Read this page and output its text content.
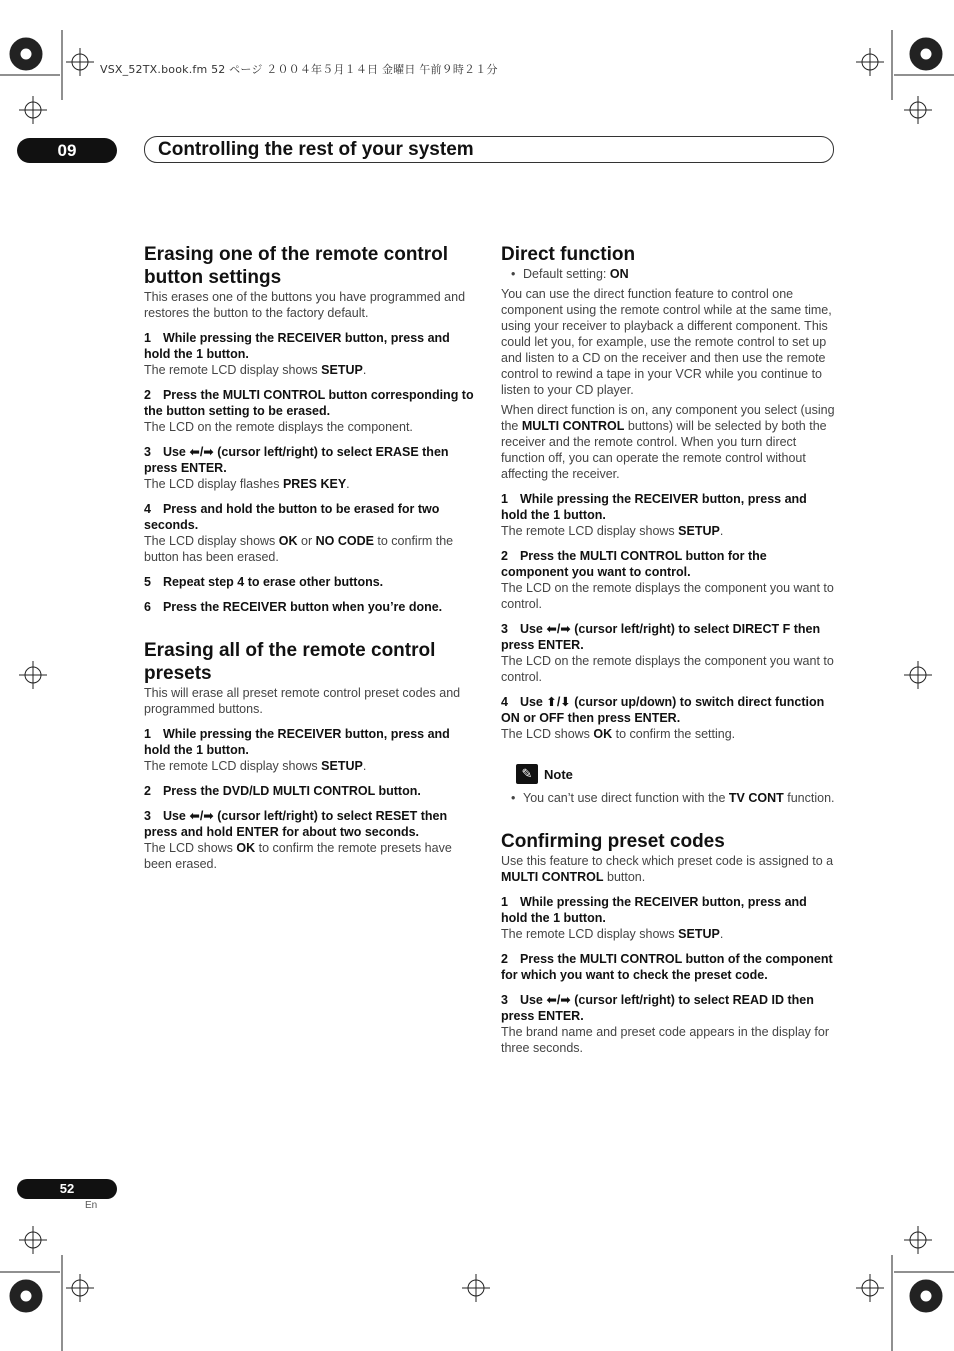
VSX_52TX.book.fm 52 ページ ２００４年５月１４日 金曜日 午前９時２１分
09	Controlling the rest of your system
Erasing one of the remote control button settings

This erases one of the buttons you have programmed and restores the button to the factory default.

1 While pressing the RECEIVER button, press and hold the 1 button.

The remote LCD display shows SETUP.

2 Press the MULTI CONTROL button corresponding to the button setting to be erased.

The LCD on the remote displays the component.

3 Use ⬅/➡ (cursor left/right) to select ERASE then press ENTER.

The LCD display flashes PRES KEY.

4 Press and hold the button to be erased for two seconds.

The LCD display shows OK or NO CODE to confirm the button has been erased.

5 Repeat step 4 to erase other buttons.

6 Press the RECEIVER button when you’re done.

Erasing all of the remote control presets

This will erase all preset remote control preset codes and programmed buttons.

1 While pressing the RECEIVER button, press and hold the 1 button.

The remote LCD display shows SETUP.

2 Press the DVD/LD MULTI CONTROL button.

3 Use ⬅/➡ (cursor left/right) to select RESET then press and hold ENTER for about two seconds.

The LCD shows OK to confirm the remote presets have been erased.

Direct function

• Default setting: ON

You can use the direct function feature to control one component using the remote control while at the same time, using your receiver to playback a different component. This could let you, for example, use the remote control to set up and listen to a CD on the receiver and then use the remote control to rewind a tape in your VCR while you continue to listen to your CD player.

When direct function is on, any component you select (using the MULTI CONTROL buttons) will be selected by both the receiver and the remote control. When you turn direct function off, you can operate the remote control without affecting the receiver.

1 While pressing the RECEIVER button, press and hold the 1 button.

The remote LCD display shows SETUP.

2 Press the MULTI CONTROL button for the component you want to control.

The LCD on the remote displays the component you want to control.

3 Use ⬅/➡ (cursor left/right) to select DIRECT F then press ENTER.

The LCD on the remote displays the component you want to control.

4 Use ⬆/⬇ (cursor up/down) to switch direct function ON or OFF then press ENTER.

The LCD shows OK to confirm the setting.

✎ Note

• You can’t use direct function with the TV CONT function.

Confirming preset codes

Use this feature to check which preset code is assigned to a MULTI CONTROL button.

1 While pressing the RECEIVER button, press and hold the 1 button.

The remote LCD display shows SETUP.

2 Press the MULTI CONTROL button of the component for which you want to check the preset code.

3 Use ⬅/➡ (cursor left/right) to select READ ID then press ENTER.

The brand name and preset code appears in the display for three seconds.

52
En
